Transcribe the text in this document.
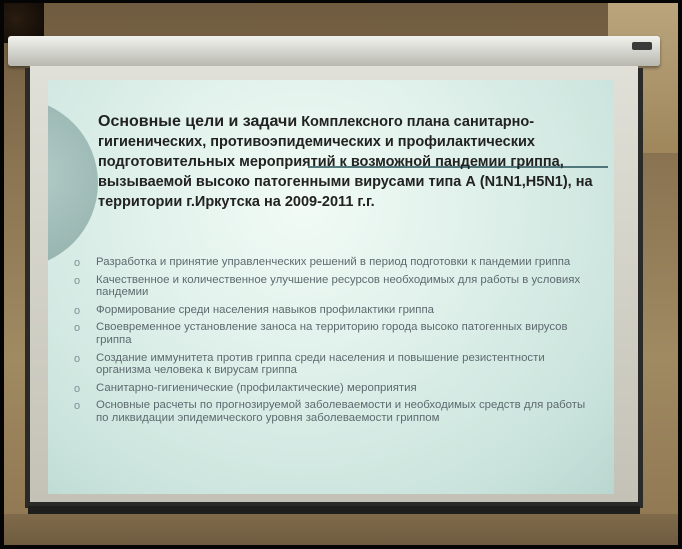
Основные цели и задачи Комплексного плана санитарно-гигиенических, противоэпидемических и профилактических подготовительных мероприятий к возможной пандемии гриппа, вызываемой высоко патогенными вирусами типа А (N1N1,H5N1), на территории г.Иркутска на 2009-2011 г.г.
o Разработка и принятие управленческих решений в период подготовки к пандемии гриппа
o Качественное и количественное улучшение ресурсов необходимых для работы в условиях пандемии
o Формирование среди населения навыков профилактики гриппа
o Своевременное установление заноса на территорию города высоко патогенных вирусов гриппа
o Создание иммунитета против гриппа среди населения и повышение резистентности организма человека к вирусам гриппа
o Санитарно-гигиенические (профилактические) мероприятия
o Основные расчеты по прогнозируемой заболеваемости и необходимых средств для работы по ликвидации эпидемического уровня заболеваемости гриппом
